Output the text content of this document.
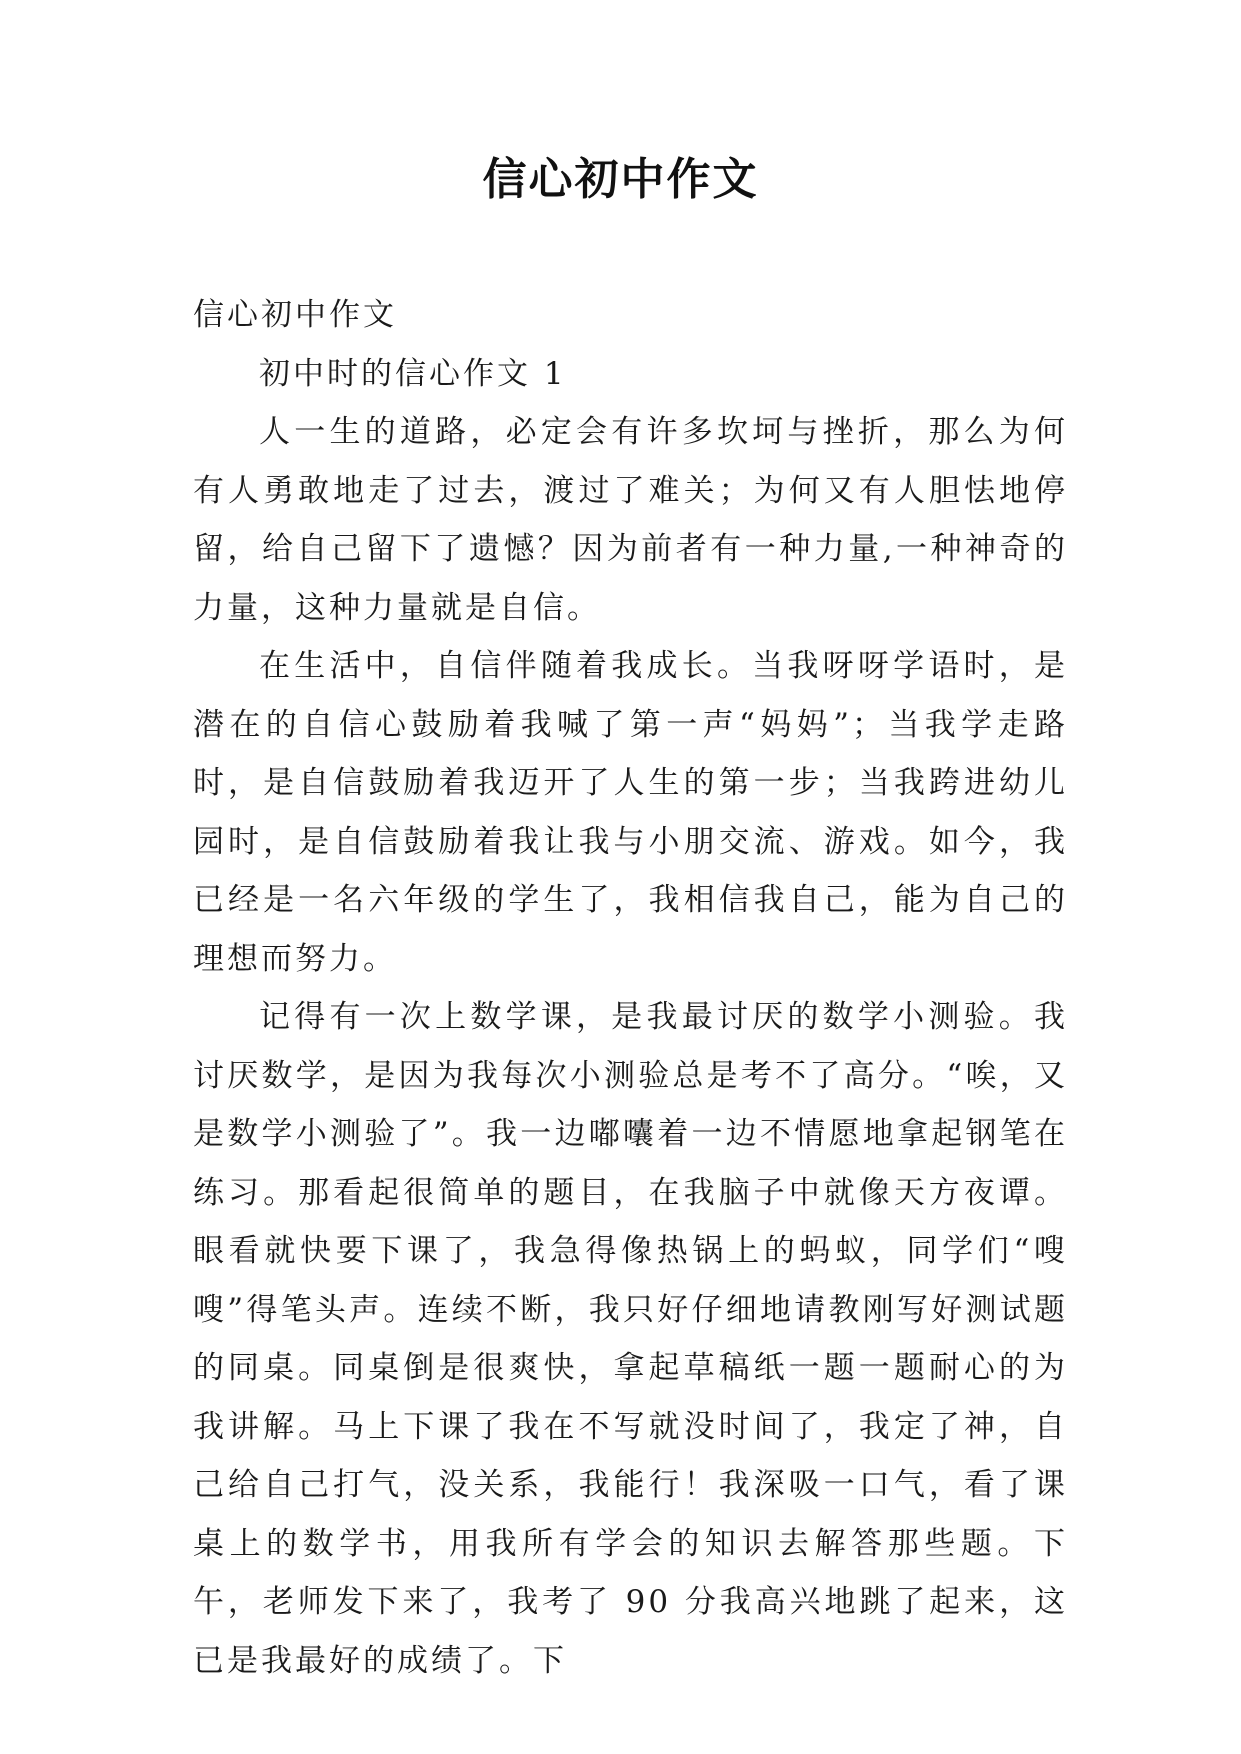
信心初中作文

信心初中作文

初中时的信心作文 1

人一生的道路，必定会有许多坎坷与挫折，那么为何有人勇敢地走了过去，渡过了难关；为何又有人胆怯地停留，给自己留下了遗憾？因为前者有一种力量,一种神奇的力量，这种力量就是自信。

在生活中，自信伴随着我成长。当我呀呀学语时，是潜在的自信心鼓励着我喊了第一声“妈妈”；当我学走路时，是自信鼓励着我迈开了人生的第一步；当我跨进幼儿园时，是自信鼓励着我让我与小朋交流、游戏。如今，我已经是一名六年级的学生了，我相信我自己，能为自己的理想而努力。

记得有一次上数学课，是我最讨厌的数学小测验。我讨厌数学，是因为我每次小测验总是考不了高分。“唉，又是数学小测验了”。我一边嘟囔着一边不情愿地拿起钢笔在练习。那看起很简单的题目，在我脑子中就像天方夜谭。眼看就快要下课了，我急得像热锅上的蚂蚁，同学们“嗖嗖”得笔头声。连续不断，我只好仔细地请教刚写好测试题的同桌。同桌倒是很爽快，拿起草稿纸一题一题耐心的为我讲解。马上下课了我在不写就没时间了，我定了神，自己给自己打气，没关系，我能行！我深吸一口气，看了课桌上的数学书，用我所有学会的知识去解答那些题。下午，老师发下来了，我考了 90 分我高兴地跳了起来，这已是我最好的成绩了。下
